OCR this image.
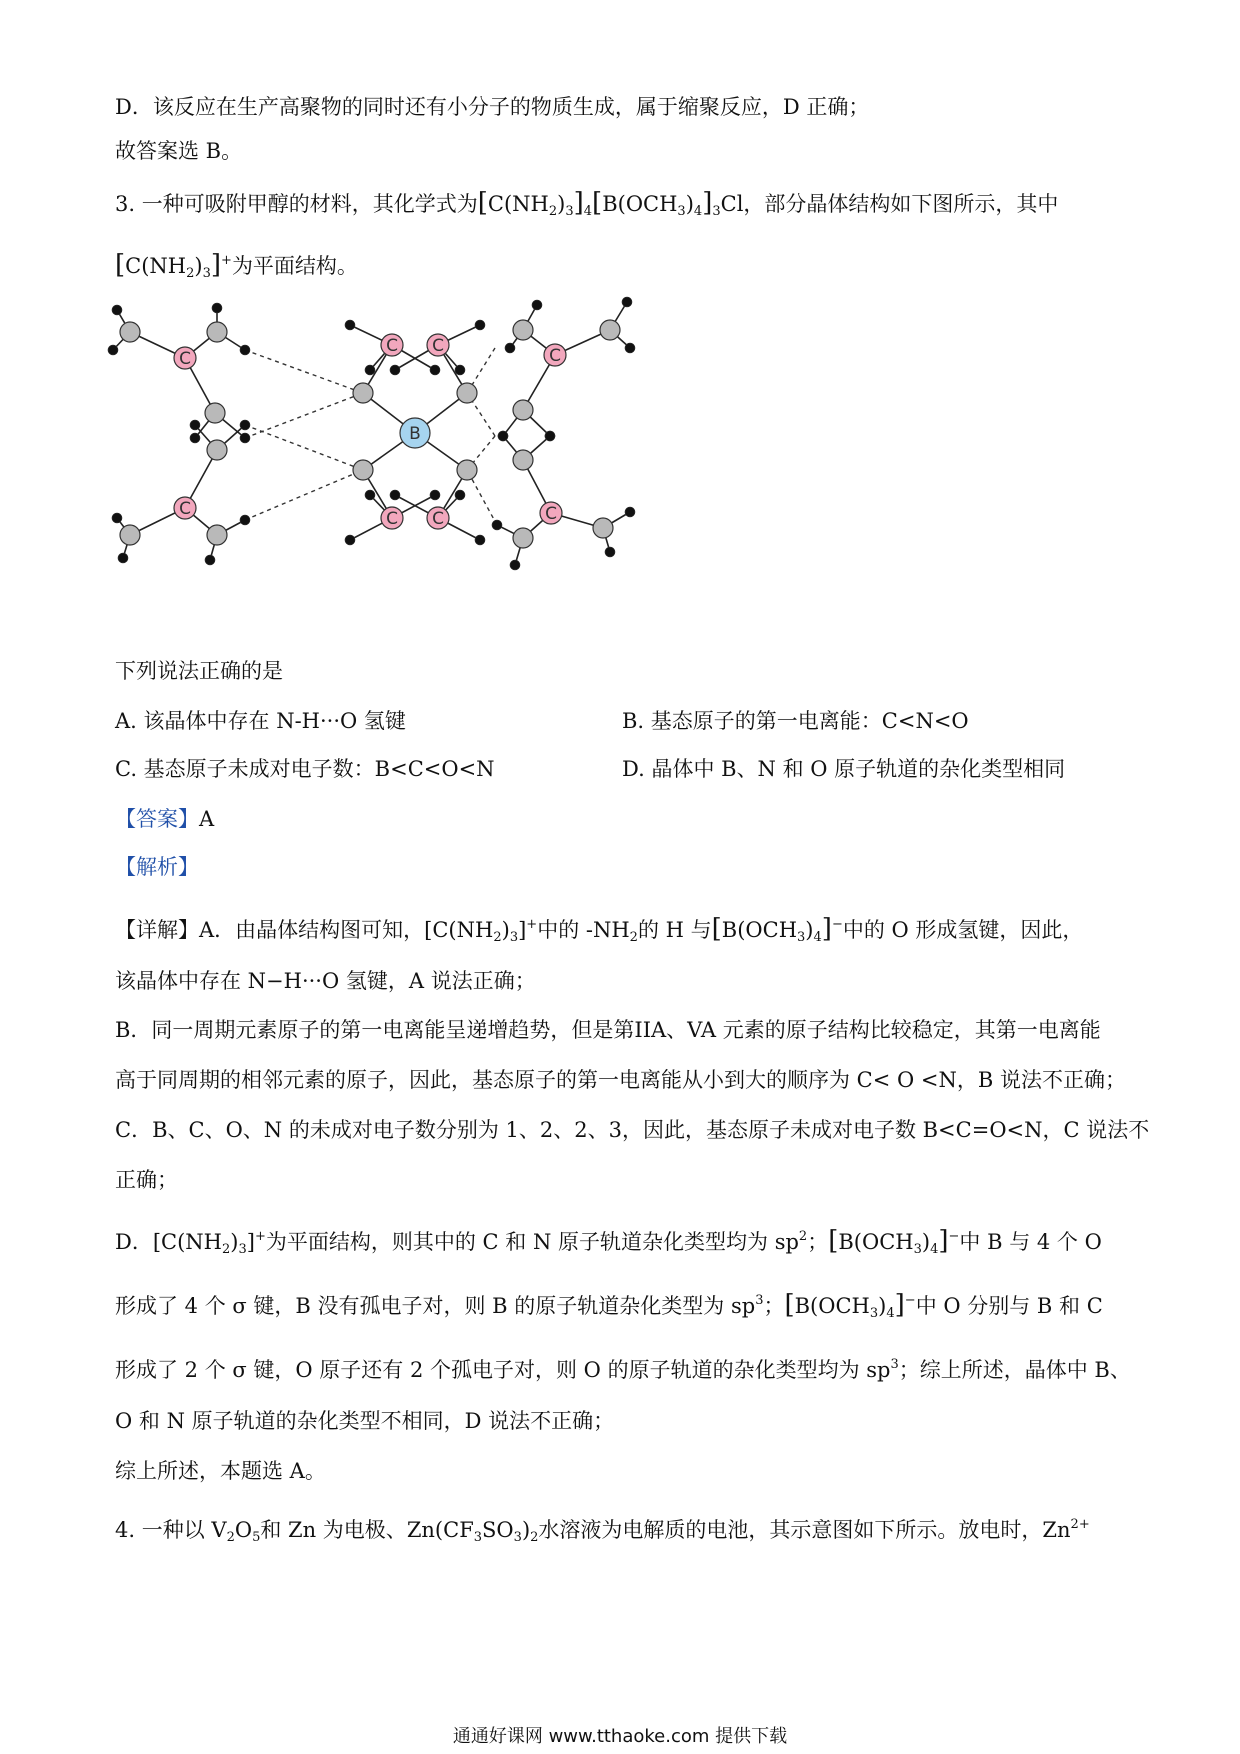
D．该反应在生产高聚物的同时还有小分子的物质生成，属于缩聚反应，D 正确；
故答案选 B。
3. 一种可吸附甲醇的材料，其化学式为$[C(NH_2)_3]_4[B(OCH_3)_4]_3Cl$，部分晶体结构如下图所示，其中
$[C(NH_2)_3]^+$为平面结构。
C C
C C
C
C
C
C
B
下列说法正确的是
A. 该晶体中存在 N-H···O 氢键	B. 基态原子的第一电离能：C<N<O
C. 基态原子未成对电子数：B<C<O<N	D. 晶体中 B、N 和 O 原子轨道的杂化类型相同
【答案】A
【解析】
【详解】A．由晶体结构图可知，$[C(NH_2)_3]^+$中的 $-NH_2$的 H 与$[B(OCH_3)_4]^-$中的 O 形成氢键，因此，
该晶体中存在 N−H···O 氢键，A 说法正确；
B．同一周期元素原子的第一电离能呈递增趋势，但是第IIA、VA 元素的原子结构比较稳定，其第一电离能
高于同周期的相邻元素的原子，因此，基态原子的第一电离能从小到大的顺序为 C< O <N，B 说法不正确；
C．B、C、O、N 的未成对电子数分别为 1、2、2、3，因此，基态原子未成对电子数 B<C=O<N，C 说法不
正确；
D．$[C(NH_2)_3]^+$为平面结构，则其中的 C 和 N 原子轨道杂化类型均为 $sp^2$；$[B(OCH_3)_4]^-$中 B 与 4 个 O
形成了 4 个 σ 键，B 没有孤电子对，则 B 的原子轨道杂化类型为 $sp^3$；$[B(OCH_3)_4]^-$中 O 分别与 B 和 C
形成了 2 个 σ 键，O 原子还有 2 个孤电子对，则 O 的原子轨道的杂化类型均为 $sp^3$；综上所述，晶体中 B、
O 和 N 原子轨道的杂化类型不相同，D 说法不正确；
综上所述，本题选 A。
4. 一种以 $V_2O_5$和 Zn 为电极、$Zn(CF_3SO_3)_2$水溶液为电解质的电池，其示意图如下所示。放电时，$Zn^{2+}$
通通好课网 www.tthaoke.com 提供下载
